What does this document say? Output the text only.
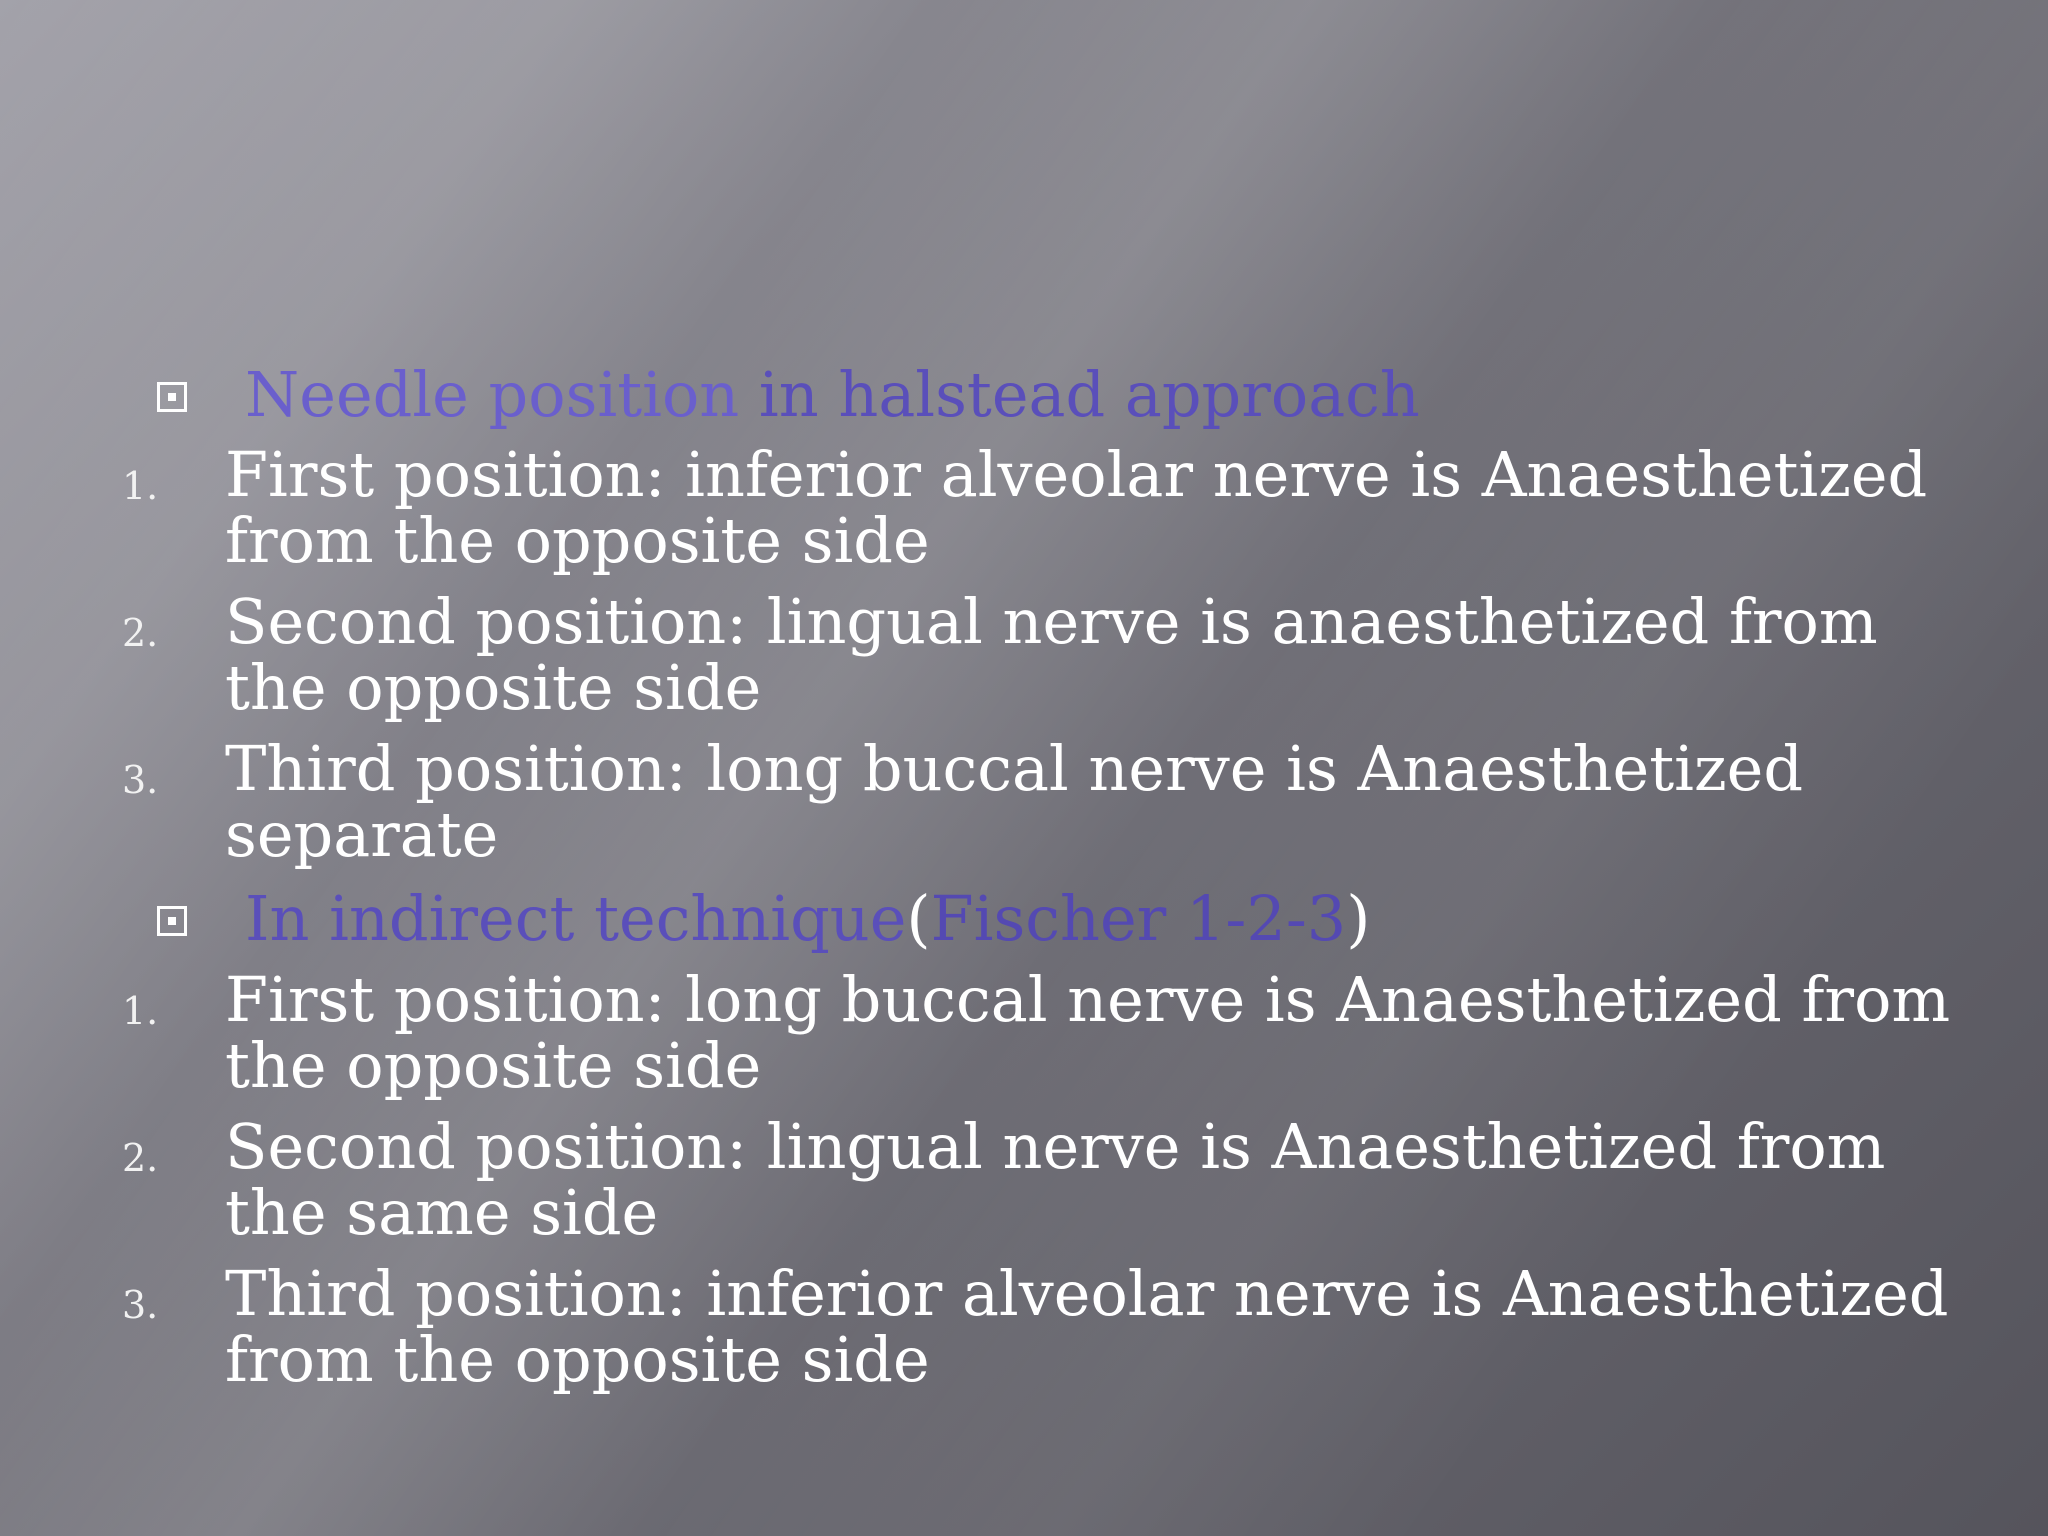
Needle position in halstead approach
1. First position: inferior alveolar nerve is Anaesthetized from the opposite side
2. Second position: lingual nerve is anaesthetized from the opposite side
3. Third position: long buccal nerve is Anaesthetized separate
In indirect technique(Fischer 1-2-3)
1. First position: long buccal nerve is Anaesthetized from the opposite side
2. Second position: lingual nerve is Anaesthetized from the same side
3. Third position: inferior alveolar nerve is Anaesthetized from the opposite side
